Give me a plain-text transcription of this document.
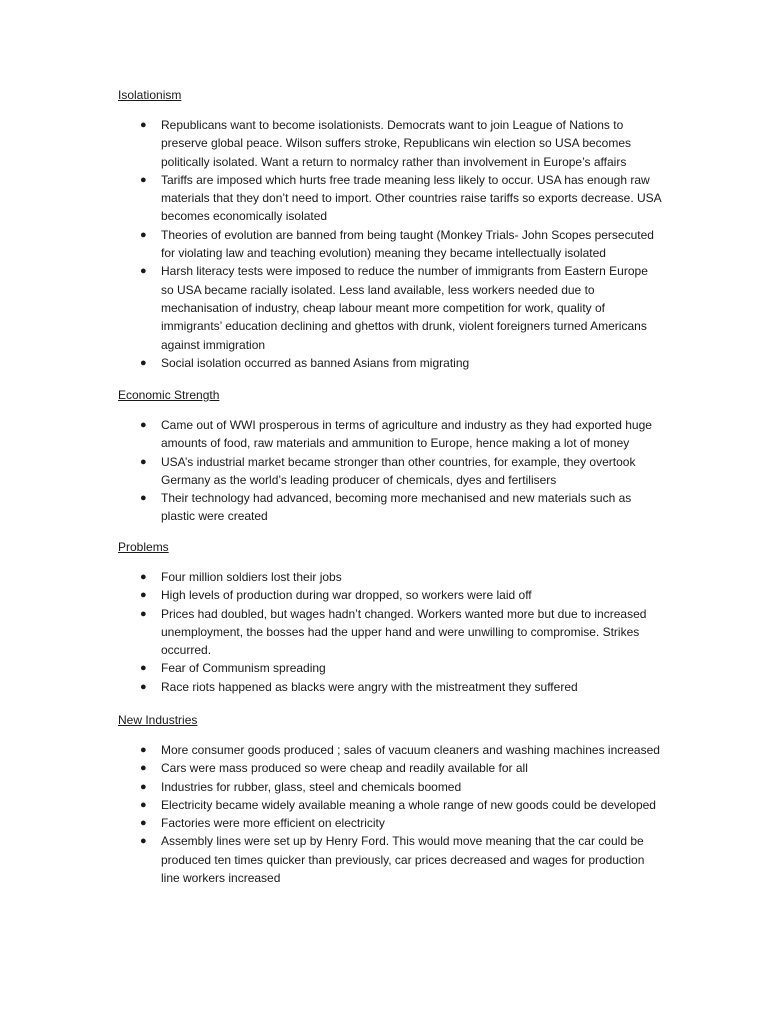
Isolationism

● Republicans want to become isolationists. Democrats want to join League of Nations to preserve global peace. Wilson suffers stroke, Republicans win election so USA becomes politically isolated. Want a return to normalcy rather than involvement in Europe’s affairs
● Tariffs are imposed which hurts free trade meaning less likely to occur. USA has enough raw materials that they don’t need to import. Other countries raise tariffs so exports decrease. USA becomes economically isolated
● Theories of evolution are banned from being taught (Monkey Trials- John Scopes persecuted for violating law and teaching evolution) meaning they became intellectually isolated
● Harsh literacy tests were imposed to reduce the number of immigrants from Eastern Europe so USA became racially isolated. Less land available, less workers needed due to mechanisation of industry, cheap labour meant more competition for work, quality of immigrants’ education declining and ghettos with drunk, violent foreigners turned Americans against immigration
● Social isolation occurred as banned Asians from migrating

Economic Strength

● Came out of WWI prosperous in terms of agriculture and industry as they had exported huge amounts of food, raw materials and ammunition to Europe, hence making a lot of money
● USA’s industrial market became stronger than other countries, for example, they overtook Germany as the world’s leading producer of chemicals, dyes and fertilisers
● Their technology had advanced, becoming more mechanised and new materials such as plastic were created

Problems

● Four million soldiers lost their jobs
● High levels of production during war dropped, so workers were laid off
● Prices had doubled, but wages hadn’t changed. Workers wanted more but due to increased unemployment, the bosses had the upper hand and were unwilling to compromise. Strikes occurred.
● Fear of Communism spreading
● Race riots happened as blacks were angry with the mistreatment they suffered

New Industries

● More consumer goods produced ; sales of vacuum cleaners and washing machines increased
● Cars were mass produced so were cheap and readily available for all
● Industries for rubber, glass, steel and chemicals boomed
● Electricity became widely available meaning a whole range of new goods could be developed
● Factories were more efficient on electricity
● Assembly lines were set up by Henry Ford. This would move meaning that the car could be produced ten times quicker than previously, car prices decreased and wages for production line workers increased
